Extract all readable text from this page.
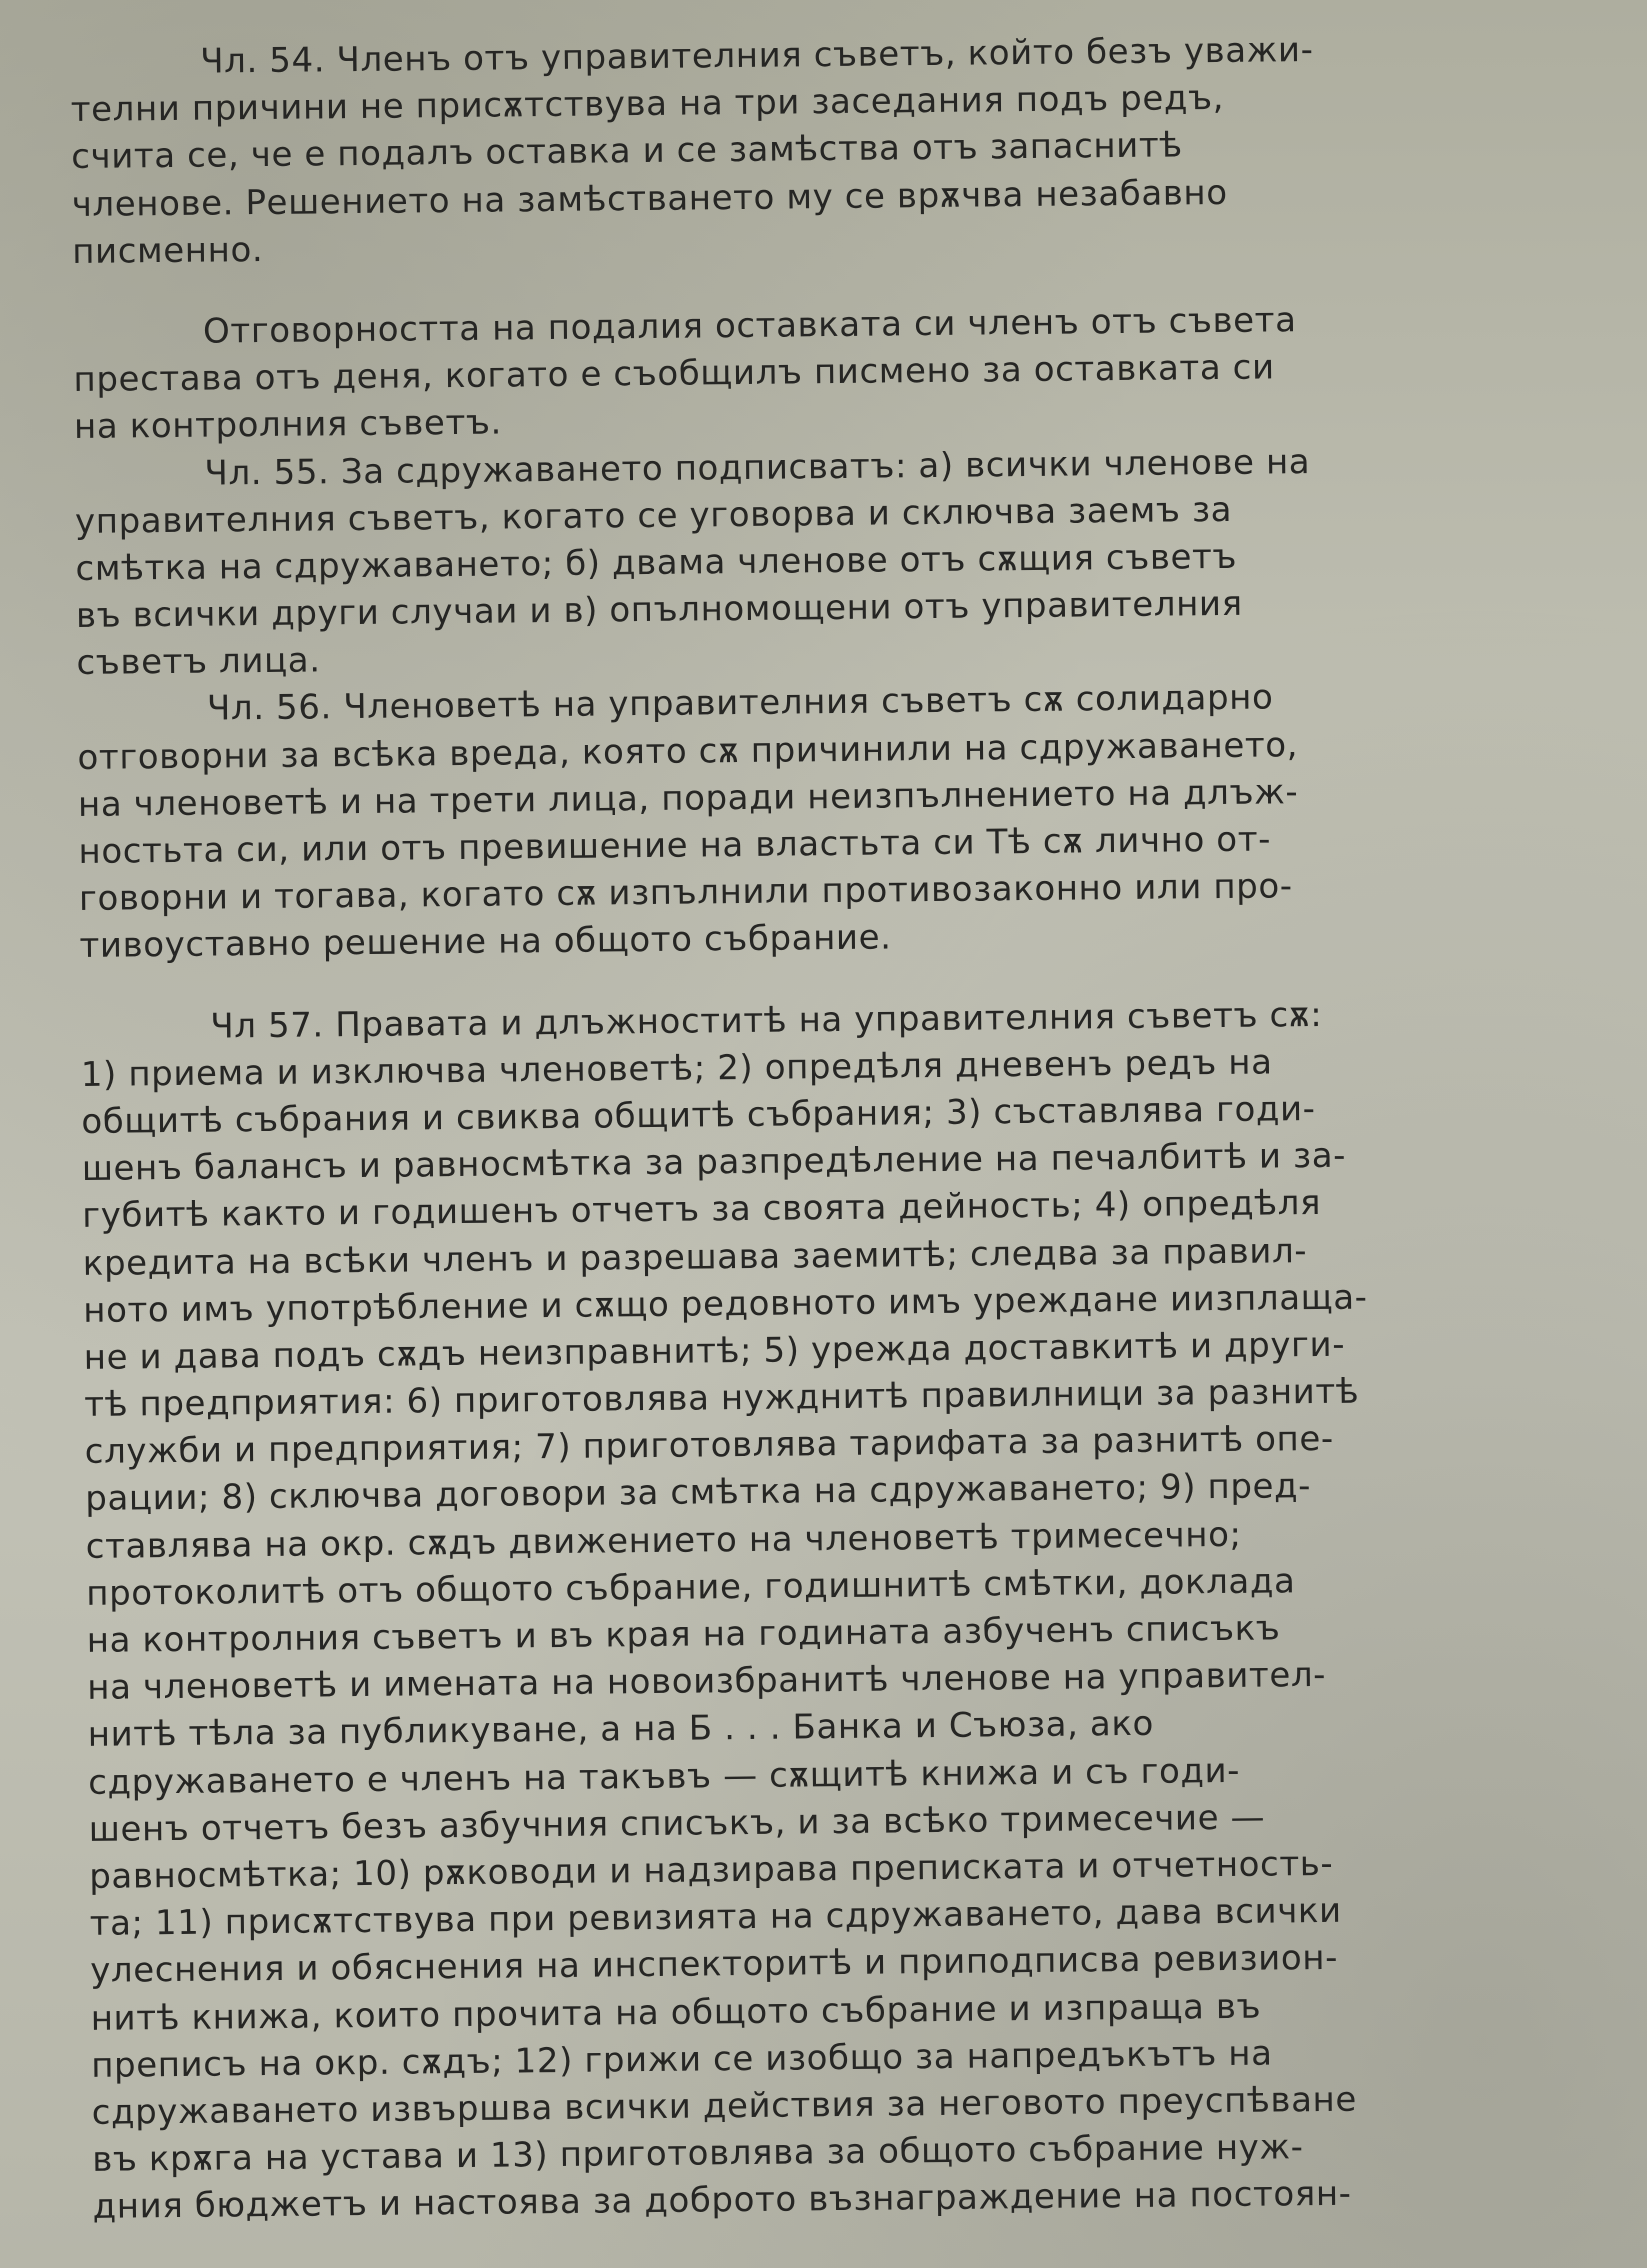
Чл. 54. Членъ отъ управителния съветъ, който безъ уважи-
телни причини не присѫтствува на три заседания подъ редъ,
счита се, че е подалъ оставка и се замѣства отъ запаснитѣ
членове. Решението на замѣстването му се врѫчва незабавно
писменно.
Отговорността на подалия оставката си членъ отъ съвета
престава отъ деня, когато е съобщилъ писмено за оставката си
на контролния съветъ.
Чл. 55. За сдружаването подписватъ: а) всички членове на
управителния съветъ, когато се уговорва и сключва заемъ за
смѣтка на сдружаването; б) двама членове отъ сѫщия съветъ
въ всички други случаи и в) опълномощени отъ управителния
съветъ лица.
Чл. 56. Членоветѣ на управителния съветъ сѫ солидарно
отговорни за всѣка вреда, която сѫ причинили на сдружаването,
на членоветѣ и на трети лица, поради неизпълнението на длъж-
ностьта си, или отъ превишение на властьта си Тѣ сѫ лично от-
говорни и тогава, когато сѫ изпълнили противозаконно или про-
тивоуставно решение на общото събрание.
Чл 57. Правата и длъжноститѣ на управителния съветъ сѫ:
1) приема и изключва членоветѣ; 2) опредѣля дневенъ редъ на
общитѣ събрания и свиква общитѣ събрания; 3) съставлява годи-
шенъ балансъ и равносмѣтка за разпредѣление на печалбитѣ и за-
губитѣ както и годишенъ отчетъ за своята дейность; 4) опредѣля
кредита на всѣки членъ и разрешава заемитѣ; следва за правил-
ното имъ употрѣбление и сѫщо редовното имъ уреждане иизплаща-
не и дава подъ сѫдъ неизправнитѣ; 5) урежда доставкитѣ и други-
тѣ предприятия: 6) приготовлява нужднитѣ правилници за разнитѣ
служби и предприятия; 7) приготовлява тарифата за разнитѣ опе-
рации; 8) сключва договори за смѣтка на сдружаването; 9) пред-
ставлява на окр. сѫдъ движението на членоветѣ тримесечно;
протоколитѣ отъ общото събрание, годишнитѣ смѣтки, доклада
на контролния съветъ и въ края на годината азбученъ списъкъ
на членоветѣ и имената на новоизбранитѣ членове на управител-
нитѣ тѣла за публикуване, а на Б . . . Банка и Съюза, ако
сдружаването е членъ на такъвъ — сѫщитѣ книжа и съ годи-
шенъ отчетъ безъ азбучния списъкъ, и за всѣко тримесечие —
равносмѣтка; 10) рѫководи и надзирава преписката и отчетность-
та; 11) присѫтствува при ревизията на сдружаването, дава всички
улеснения и обяснения на инспекторитѣ и приподписва ревизион-
нитѣ книжа, които прочита на общото събрание и изпраща въ
преписъ на окр. сѫдъ; 12) грижи се изобщо за напредъкътъ на
сдружаването извършва всички действия за неговото преуспѣване
въ крѫга на устава и 13) приготовлява за общото събрание нуж-
дния бюджетъ и настоява за доброто възнаграждение на постоян-
